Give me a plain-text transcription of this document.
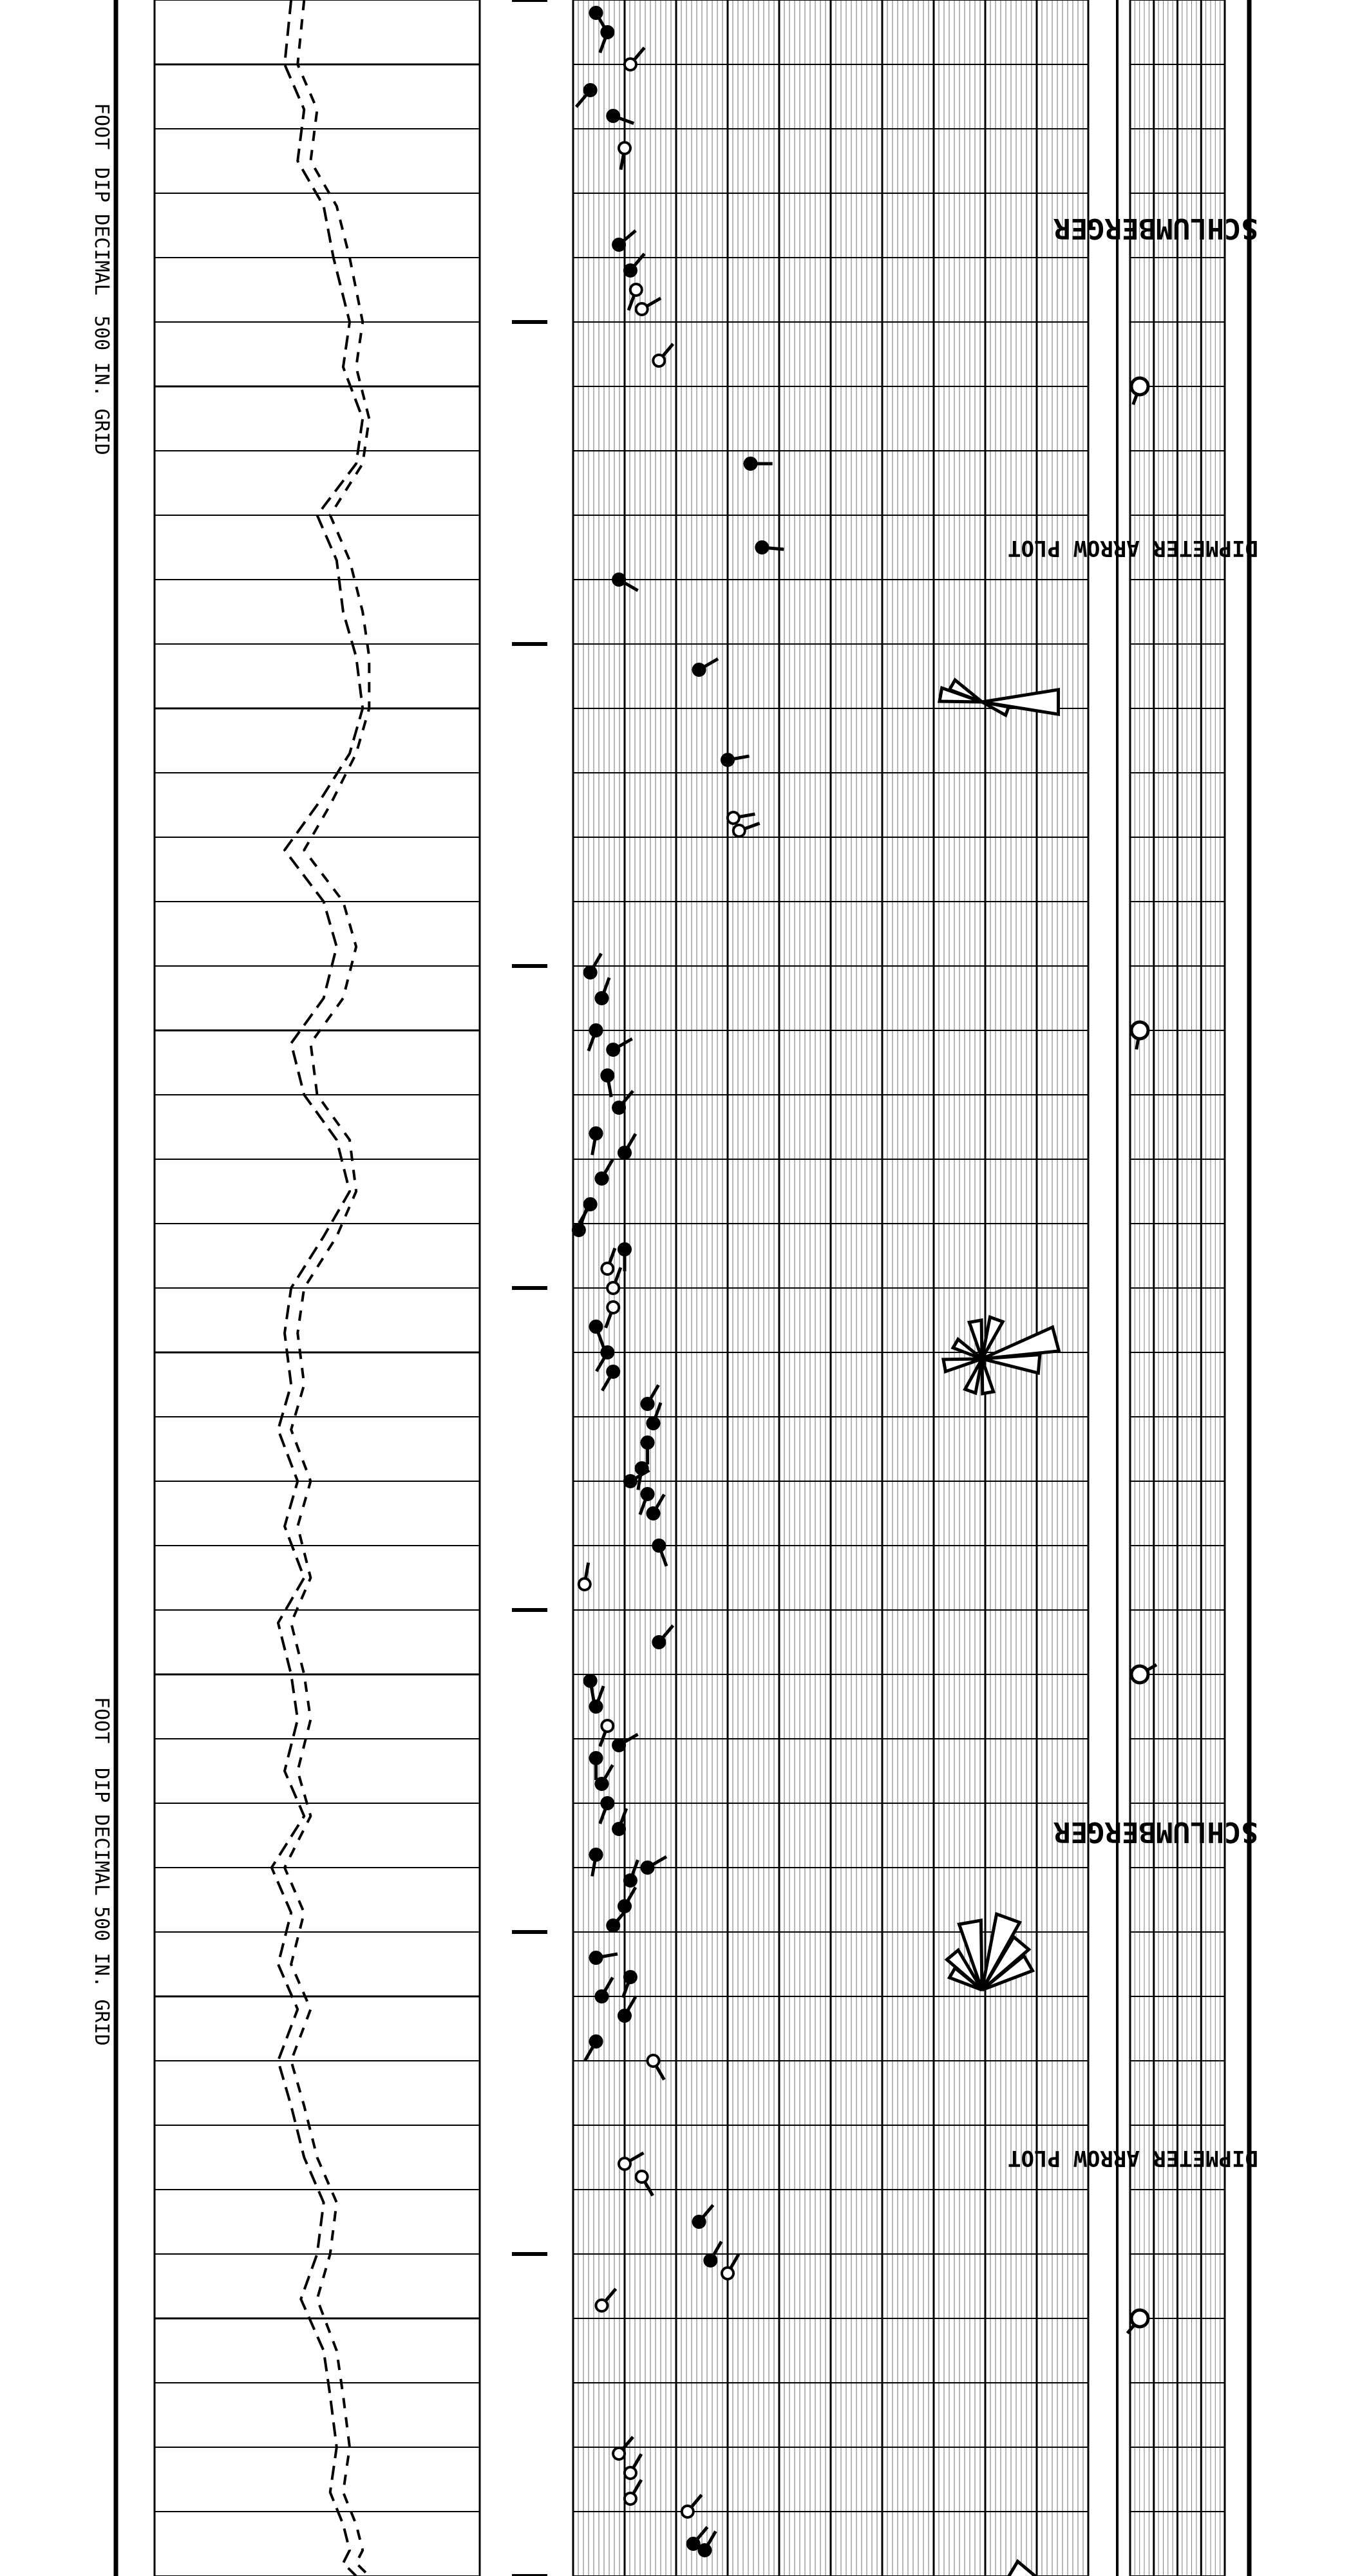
FOOT
DIP DECIMAL
500 IN. GRID
FOOT
DIP DECIMAL
500 IN. GRID
SCHLUMBERGER
DIPMETER ARROW PLOT
SCHLUMBERGER
DIPMETER ARROW PLOT
